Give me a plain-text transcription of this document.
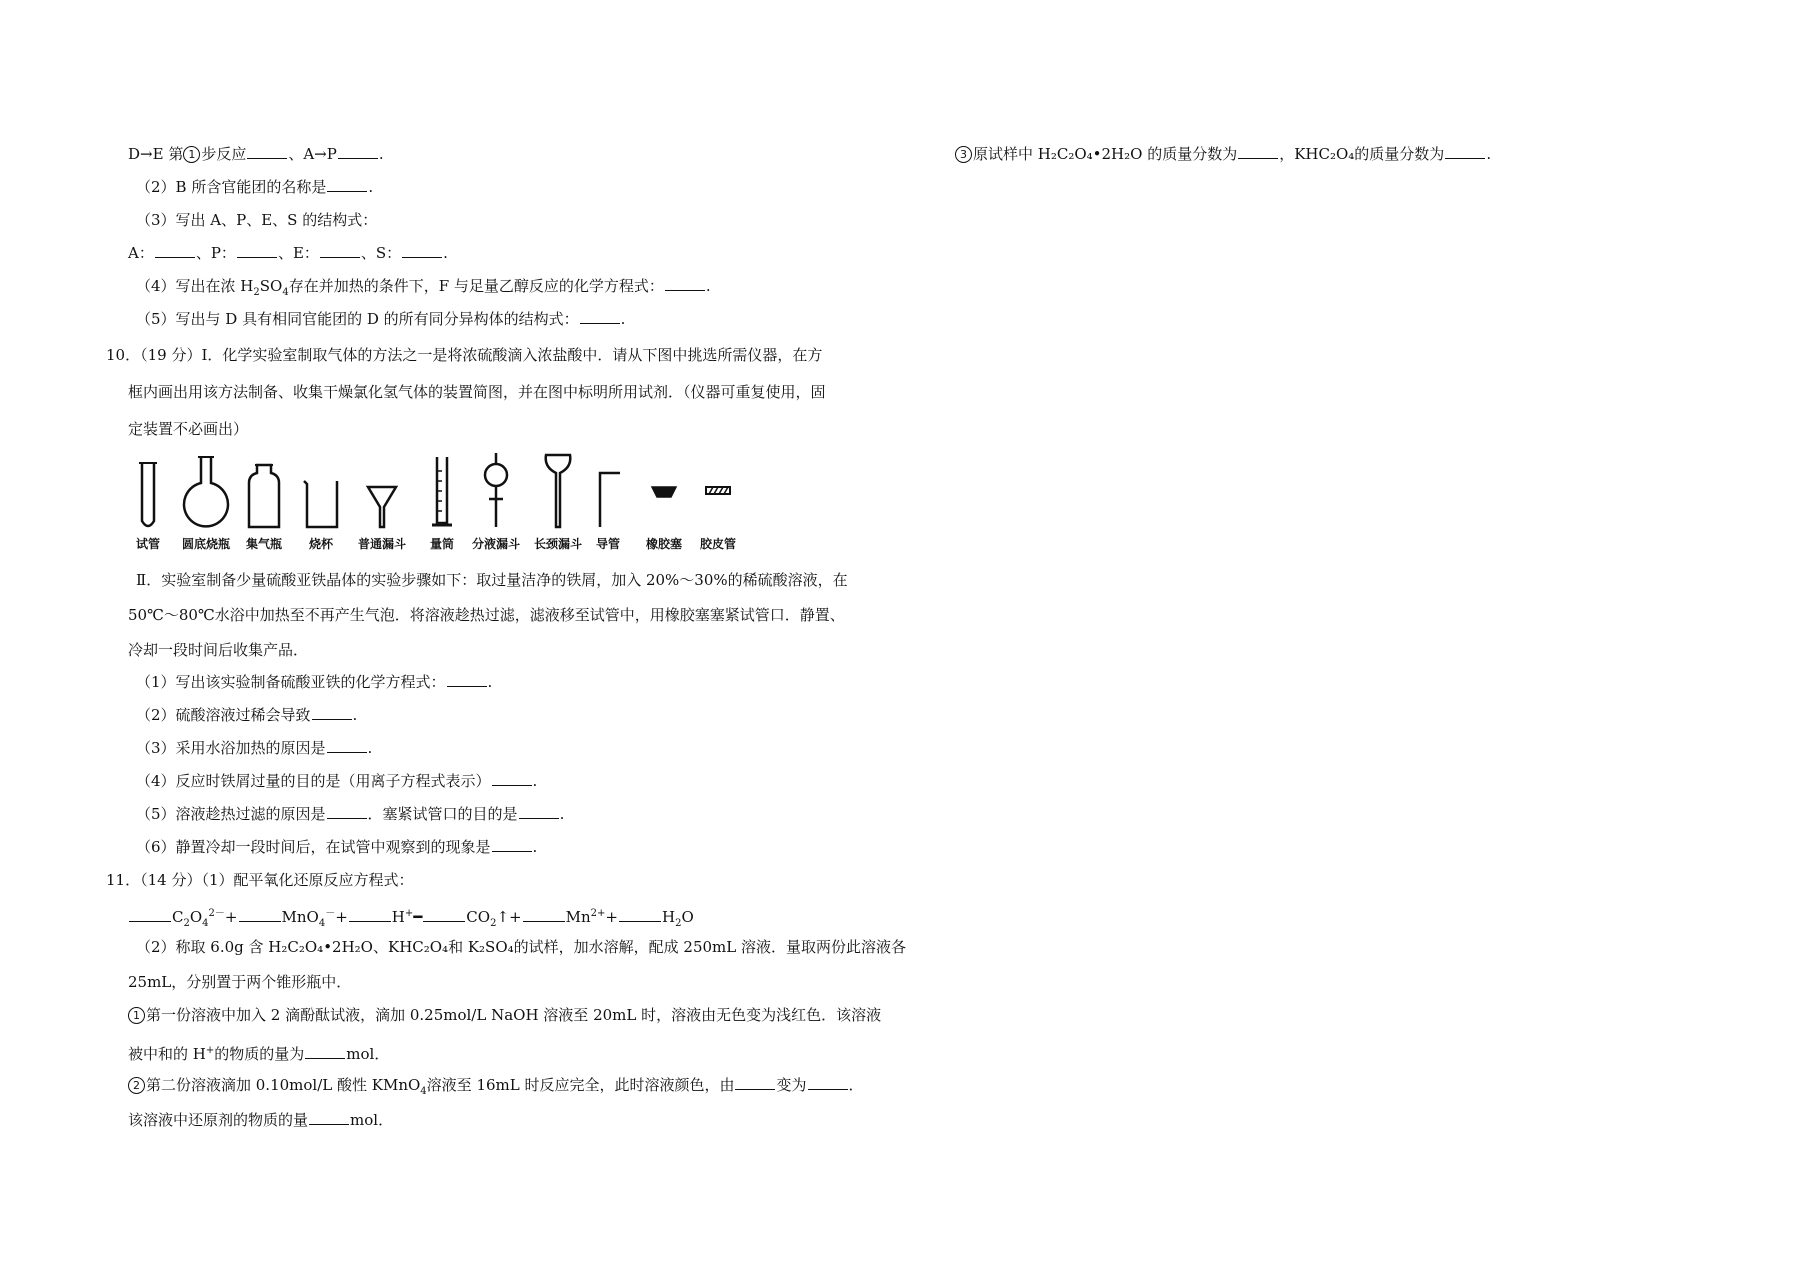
D→E 第 1 步反应	、A→P	.
（2）B 所含官能团的名称是	.
（3）写出 A、P、E、S 的结构式：
A：	、P：	、E：	、S：	.
（4）写出在浓 $H_2SO_4$存在并加热的条件下，F 与足量乙醇反应的化学方程式：	.
（5）写出与 D 具有相同官能团的 D 的所有同分异构体的结构式：	.
10．（19 分）Ⅰ．化学实验室制取气体的方法之一是将浓硫酸滴入浓盐酸中．请从下图中挑选所需仪器，在方
框内画出用该方法制备、收集干燥氯化氢气体的装置简图，并在图中标明所用试剂．（仪器可重复使用，固
定装置不必画出）
试管 圆底烧瓶 集气瓶 烧杯 普通漏斗 量筒 分液漏斗 长颈漏斗 导管 橡胶塞 胶皮管
Ⅱ．实验室制备少量硫酸亚铁晶体的实验步骤如下：取过量洁净的铁屑，加入 20%～30%的稀硫酸溶液，在
50℃～80℃水浴中加热至不再产生气泡．将溶液趁热过滤，滤液移至试管中，用橡胶塞塞紧试管口．静置、
冷却一段时间后收集产品．
（1）写出该实验制备硫酸亚铁的化学方程式：	.
（2）硫酸溶液过稀会导致	.
（3）采用水浴加热的原因是	.
（4）反应时铁屑过量的目的是（用离子方程式表示）	.
（5）溶液趁热过滤的原因是	．塞紧试管口的目的是	.
（6）静置冷却一段时间后，在试管中观察到的现象是	.
11．（14 分）（1）配平氧化还原反应方程式：
$C_2O_4^{2-}+$	MnO$_4$－+	H+━	$CO_2↑+$	$Mn^{2+}+$	$H_2O$
（2）称取 6.0g 含 H₂C₂O₄•2H₂O、KHC₂O₄和 K₂SO₄的试样，加水溶解，配成 250mL 溶液．量取两份此溶液各
25mL，分别置于两个锥形瓶中．
1 第一份溶液中加入 2 滴酚酞试液，滴加 0.25mol/L NaOH 溶液至 20mL 时，溶液由无色变为浅红色．该溶液
被中和的 H+的物质的量为	mol．
2 第二份溶液滴加 0.10mol/L 酸性 KMnO$_4$溶液至 16mL 时反应完全，此时溶液颜色，由	变为	．
该溶液中还原剂的物质的量	mol．
3 原试样中 H₂C₂O₄•2H₂O 的质量分数为	，KHC₂O₄的质量分数为	.
